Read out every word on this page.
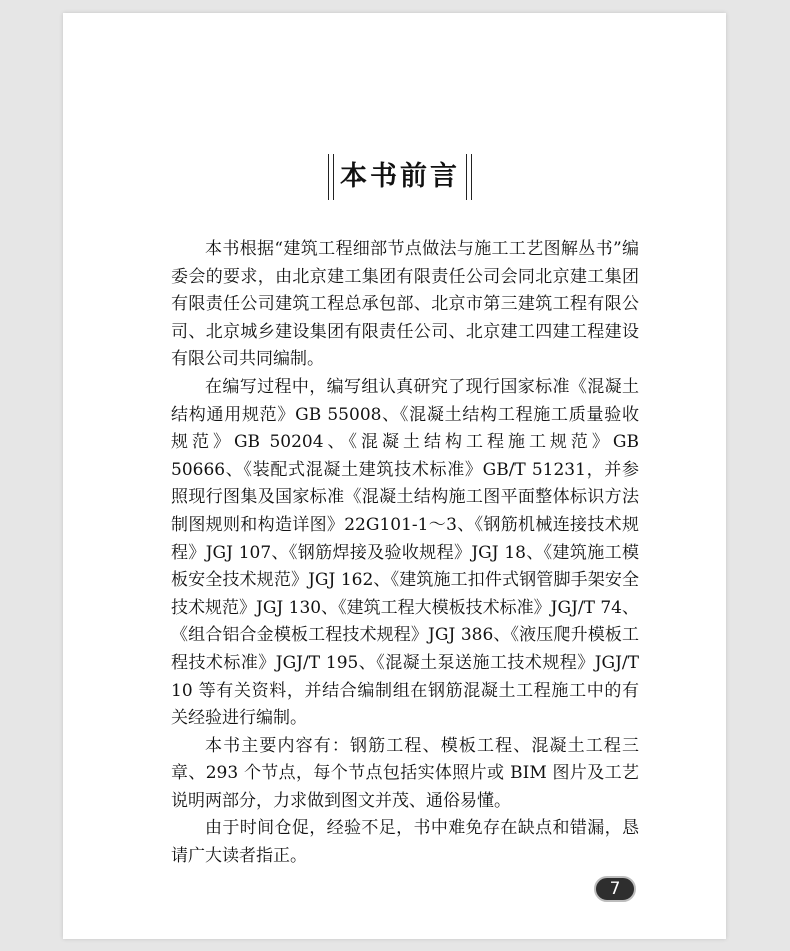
本书前言

本书根据“建筑工程细部节点做法与施工工艺图解丛书”编委会的要求，由北京建工集团有限责任公司会同北京建工集团有限责任公司建筑工程总承包部、北京市第三建筑工程有限公司、北京城乡建设集团有限责任公司、北京建工四建工程建设有限公司共同编制。

在编写过程中，编写组认真研究了现行国家标准《混凝土结构通用规范》GB 55008、《混凝土结构工程施工质量验收规范》GB 50204、《混凝土结构工程施工规范》GB 50666、《装配式混凝土建筑技术标准》GB/T 51231，并参照现行图集及国家标准《混凝土结构施工图平面整体标识方法制图规则和构造详图》22G101-1～3、《钢筋机械连接技术规程》JGJ 107、《钢筋焊接及验收规程》JGJ 18、《建筑施工模板安全技术规范》JGJ 162、《建筑施工扣件式钢管脚手架安全技术规范》JGJ 130、《建筑工程大模板技术标准》JGJ/T 74、《组合铝合金模板工程技术规程》JGJ 386、《液压爬升模板工程技术标准》JGJ/T 195、《混凝土泵送施工技术规程》JGJ/T 10 等有关资料，并结合编制组在钢筋混凝土工程施工中的有关经验进行编制。

本书主要内容有：钢筋工程、模板工程、混凝土工程三章、293 个节点，每个节点包括实体照片或 BIM 图片及工艺说明两部分，力求做到图文并茂、通俗易懂。

由于时间仓促，经验不足，书中难免存在缺点和错漏，恳请广大读者指正。

7
